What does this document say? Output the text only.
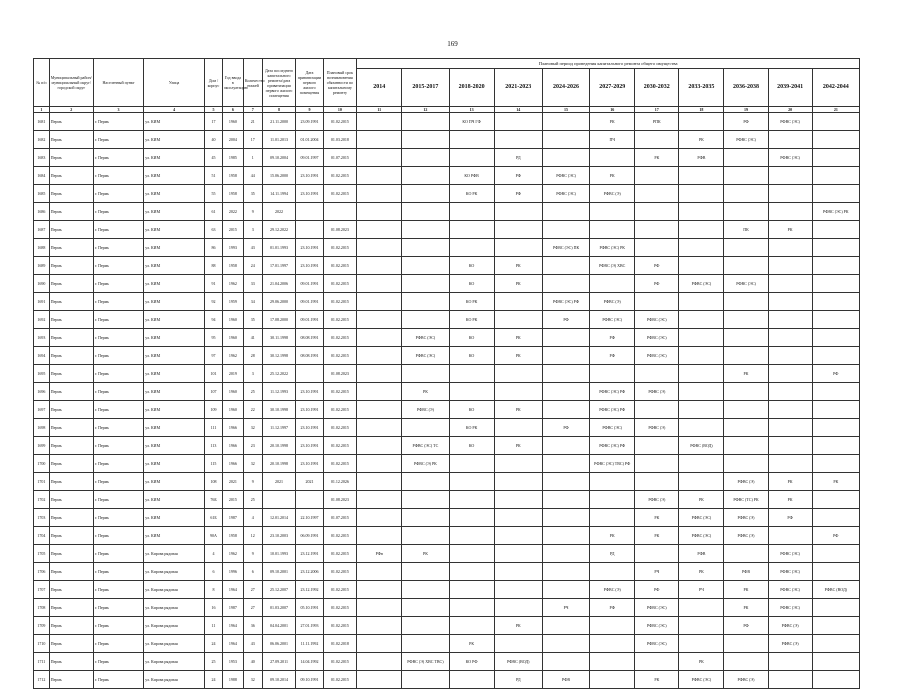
169
№ п/п	Муниципальный район/муниципальный округ/городской округ	Населенный пункт	Улица	Дом / корпус	Год ввода в эксплуатацию	Количество этажей	Дата последнего капитального ремонта/дата приватизации первого жилого помещения	Дата приватизации первого жилого помещения	Плановый срок возникновения обязанности по капитальному ремонту	Плановый период проведения капитального ремонта общего имущества										
										2014	2015-2017	2018-2020	2021-2023	2024-2026	2027-2029	2030-2032	2033-2035	2036-2038	2039-2041	2042-2044
1	2	3	4	5	6	7	8	9	10	11	12	13	14	15	16	17	18	19	20	21
1681	Пермь	г. Пермь	ул. КИМ	17	1960	21	21.11.2000	23.09.1991	01.02.2015			КО ПЧ ГФ			РК	РПК		РФ	РФВС (ЭС)	
1682	Пермь	г. Пермь	ул. КИМ	40	2004	17	11.01.2013	01.01.2004	01.03.2018						ПЧ		РК	РФВС (ЭС)		
1683	Пермь	г. Пермь	ул. КИМ	45	1985	1	09.10.2004	09.01.1997	01.07.2015				РД			РК	РФВ		РФВС (ЭС)	
1684	Пермь	г. Пермь	ул. КИМ	51	1958	44	15.06.2000	23.10.1991	01.02.2015			КО РФВ	РФ	РФВС (ЭС)	РК					
1685	Пермь	г. Пермь	ул. КИМ	55	1958	35	14.11.1994	23.10.1991	01.02.2015			КО РК	РФ	РФВС (ЭС)	РФВС (Э)					
1686	Пермь	г. Пермь	ул. КИМ	61	2022	9	2022													РФВС (ЭС) РК
1687	Пермь	г. Пермь	ул. КИМ	63	2015	3	29.12.2022		01.08.2023									ПК	РК	
1688	Пермь	г. Пермь	ул. КИМ	86	1993	43	01.01.1993	23.10.1991	01.02.2015					РФВС (ЭС) ПК	РФВС (ЭС) РК					
1689	Пермь	г. Пермь	ул. КИМ	88	1958	24	17.01.1997	23.10.1991	01.02.2015			КО	РК		РФВС (Э) ХВС	РФ				
1690	Пермь	г. Пермь	ул. КИМ	91	1962	33	21.04.2006	09.01.1991	01.02.2015			КО	РК			РФ	РФВС (ЭС)	РФВС (ЭС)		
1691	Пермь	г. Пермь	ул. КИМ	92	1959	34	29.06.2000	09.01.1991	01.02.2015			КО РК		РФВС (ЭС) РФ	РФВС (Э)					
1692	Пермь	г. Пермь	ул. КИМ	94	1960	35	17.08.2000	09.01.1991	01.02.2015			КО РК		РФ	РФВС (ЭС)	РФВС (ЭС)				
1693	Пермь	г. Пермь	ул. КИМ	95	1960	41	30.11.1998	08.08.1991	01.02.2015		РФВС (ЭС)	КО	РК		РФ	РФВС (ЭС)				
1694	Пермь	г. Пермь	ул. КИМ	97	1962	28	30.12.1998	08.08.1991	01.02.2015		РФВС (ЭС)	КО	РК		РФ	РФВС (ЭС)				
1695	Пермь	г. Пермь	ул. КИМ	101	2019	3	25.12.2022		01.08.2023									РК		РФ
1696	Пермь	г. Пермь	ул. КИМ	107	1960	25	11.12.1993	23.10.1991	01.02.2015		РК				РФВС (ЭС) РФ	РФВС (Э)				
1697	Пермь	г. Пермь	ул. КИМ	109	1960	22	30.10.1998	23.10.1991	01.02.2015		РФВС (Э)	КО	РК		РФВС (ЭС) РФ					
1698	Пермь	г. Пермь	ул. КИМ	111	1966	32	11.12.1997	23.10.1991	01.02.2015			КО РК		РФ	РФВС (ЭС)	РФВС (Э)				
1699	Пермь	г. Пермь	ул. КИМ	113	1966	23	20.10.1998	23.10.1991	01.02.2015		РФВС (ЭС) ТС	КО	РК		РФВС (ЭС) РФ		РФВС (ВОД)			
1700	Пермь	г. Пермь	ул. КИМ	115	1966	32	20.10.1998	23.10.1991	01.02.2015		РФВС (Э) РК				РФВС (ЭС) ТВС) РФ					
1701	Пермь	г. Пермь	ул. КИМ	108	2021	9	2021	2021	01.12.2026									РФВС (Э)	РК	РК
1702	Пермь	г. Пермь	ул. КИМ	76Б	2015	25			01.08.2023							РФВС (Э)	РК	РФВС (ТС) РК	РК	
1703	Пермь	г. Пермь	ул. КИМ	61Б	1987	4	12.01.2014	22.10.1997	01.07.2015							РК	РФВС (ЭС)	РФВС (Э)	РФ	
1704	Пермь	г. Пермь	ул. КИМ	90А	1958	12	23.10.2003	06.09.1991	01.02.2015						РК	РК	РФВС (ЭС)	РФВС (Э)		РФ
1705	Пермь	г. Пермь	ул. Кирова рядовая	4	1962	9	10.01.1993	23.12.1991	01.02.2015	РФв	РК				РД		РФВ		РФВС (ЭС)	
1706	Пермь	г. Пермь	ул. Кирова рядовая	6	1996	6	09.10.2001	23.12.2006	01.02.2015							РЧ	РК	РФВ	РФВС (ЭС)	
1707	Пермь	г. Пермь	ул. Кирова рядовая	8	1964	27	25.12.2007	23.12.1992	01.02.2015						РФВС (Э)	РФ	РЧ	РК	РФВС (ЭС)	РФВС (ВОД)
1708	Пермь	г. Пермь	ул. Кирова рядовая	16	1987	27	01.03.2007	05.10.1991	01.02.2015					РЧ	РФ	РФВС (ЭС)		РК	РФВС (ЭС)	
1709	Пермь	г. Пермь	ул. Кирова рядовая	11	1964	36	04.04.2001	27.01.1993	01.02.2015				РК			РФВС (ЭС)		РФ	РФВС (Э)	
1710	Пермь	г. Пермь	ул. Кирова рядовая	24	1964	43	06.06.2001	11.11.1992	01.02.2018			РК				РФВС (ЭС)			РФВС (Э)	
1711	Пермь	г. Пермь	ул. Кирова рядовая	25	1953	40	27.09.2011	14.04.1992	01.02.2015		РФВС (Э) ХВС ТВС)	КО РФ	РФВС (ВОД)				РК			
1712	Пермь	г. Пермь	ул. Кирова рядовая	24	1988	32	09.10.2014	09.10.1991	01.02.2015				РД	РФВ		РК	РФВС (ЭС)	РФВС (Э)		
